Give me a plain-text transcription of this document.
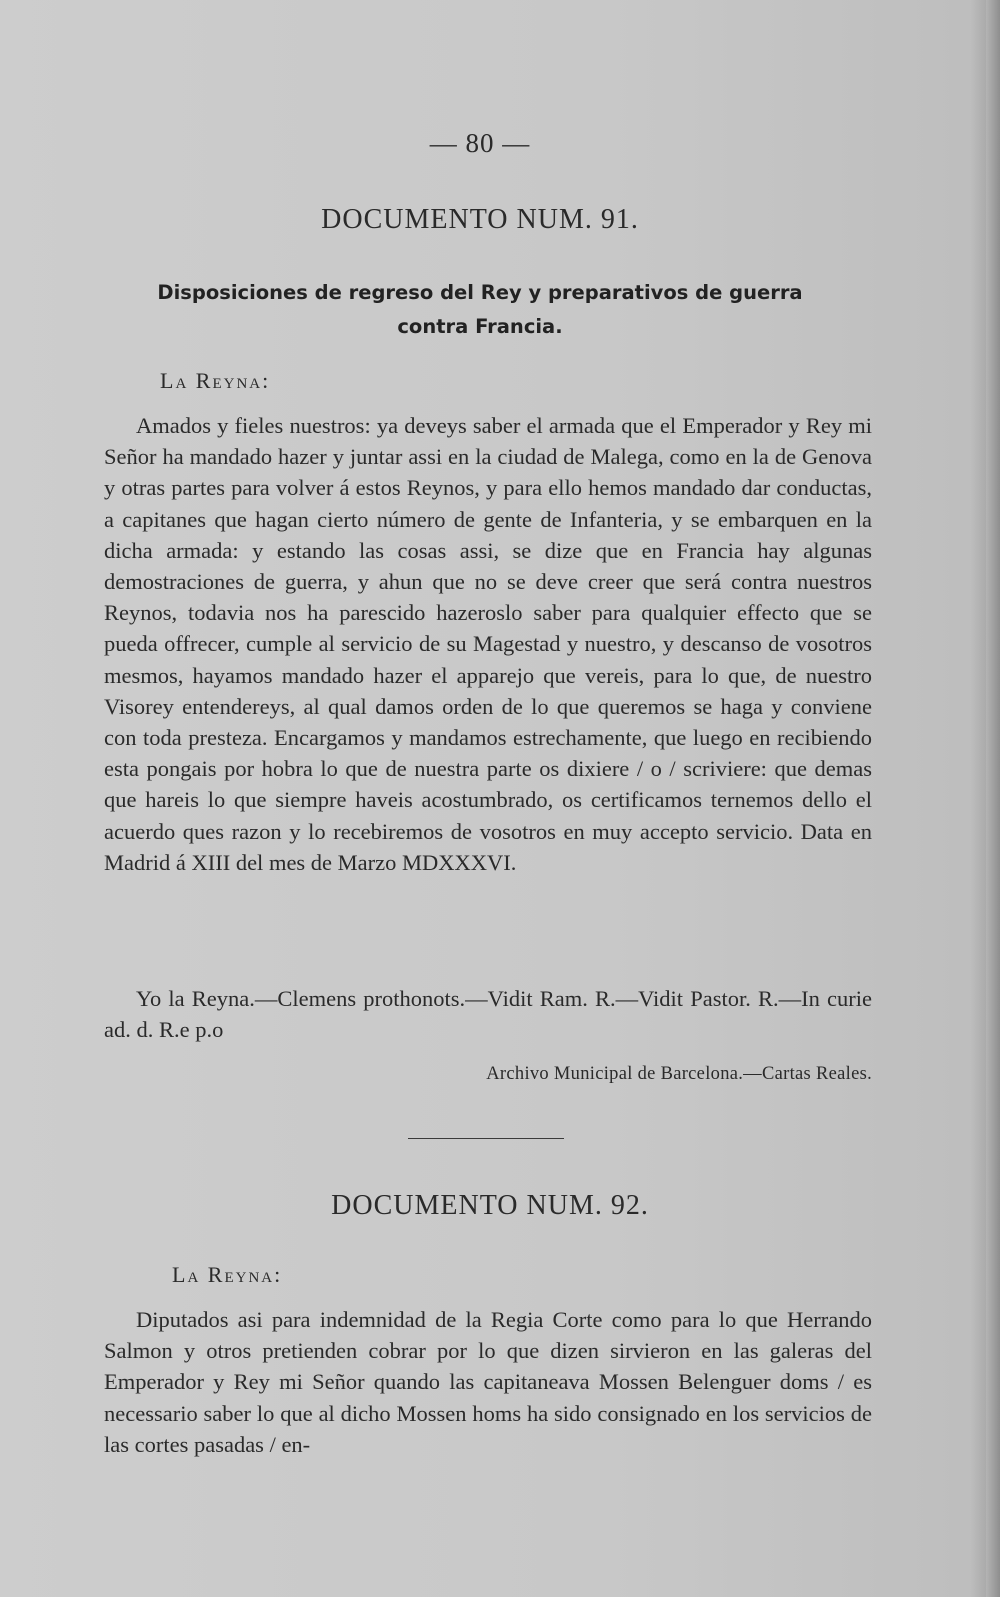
— 80 —
DOCUMENTO NUM. 91.
Disposiciones de regreso del Rey y preparativos de guerra contra Francia.
La Reyna:

Amados y fieles nuestros: ya deveys saber el armada que el Emperador y Rey mi Señor ha mandado hazer y juntar assi en la ciudad de Malega, como en la de Genova y otras partes para volver á estos Reynos, y para ello hemos mandado dar conductas, a capitanes que hagan cierto número de gente de Infanteria, y se embarquen en la dicha armada: y estando las cosas assi, se dize que en Francia hay algunas demostraciones de guerra, y ahun que no se deve creer que será contra nuestros Reynos, todavia nos ha parescido hazeroslo saber para qualquier effecto que se pueda offrecer, cumple al servicio de su Magestad y nuestro, y descanso de vosotros mesmos, hayamos mandado hazer el apparejo que vereis, para lo que, de nuestro Visorey entendereys, al qual damos orden de lo que queremos se haga y conviene con toda presteza. Encargamos y mandamos estrechamente, que luego en recibiendo esta pongais por hobra lo que de nuestra parte os dixiere / o / scriviere: que demas que hareis lo que siempre haveis acostumbrado, os certificamos ternemos dello el acuerdo ques razon y lo recebiremos de vosotros en muy accepto servicio. Data en Madrid á XIII del mes de Marzo MDXXXVI.

Yo la Reyna.—Clemens prothonots.—Vidit Ram. R.—Vidit Pastor. R.—In curie ad. d. R.e p.o
Archivo Municipal de Barcelona.—Cartas Reales.
DOCUMENTO NUM. 92.
La Reyna:

Diputados asi para indemnidad de la Regia Corte como para lo que Herrando Salmon y otros pretienden cobrar por lo que dizen sirvieron en las galeras del Emperador y Rey mi Señor quando las capitaneava Mossen Belenguer doms / es necessario saber lo que al dicho Mossen homs ha sido consignado en los servicios de las cortes pasadas / en-
